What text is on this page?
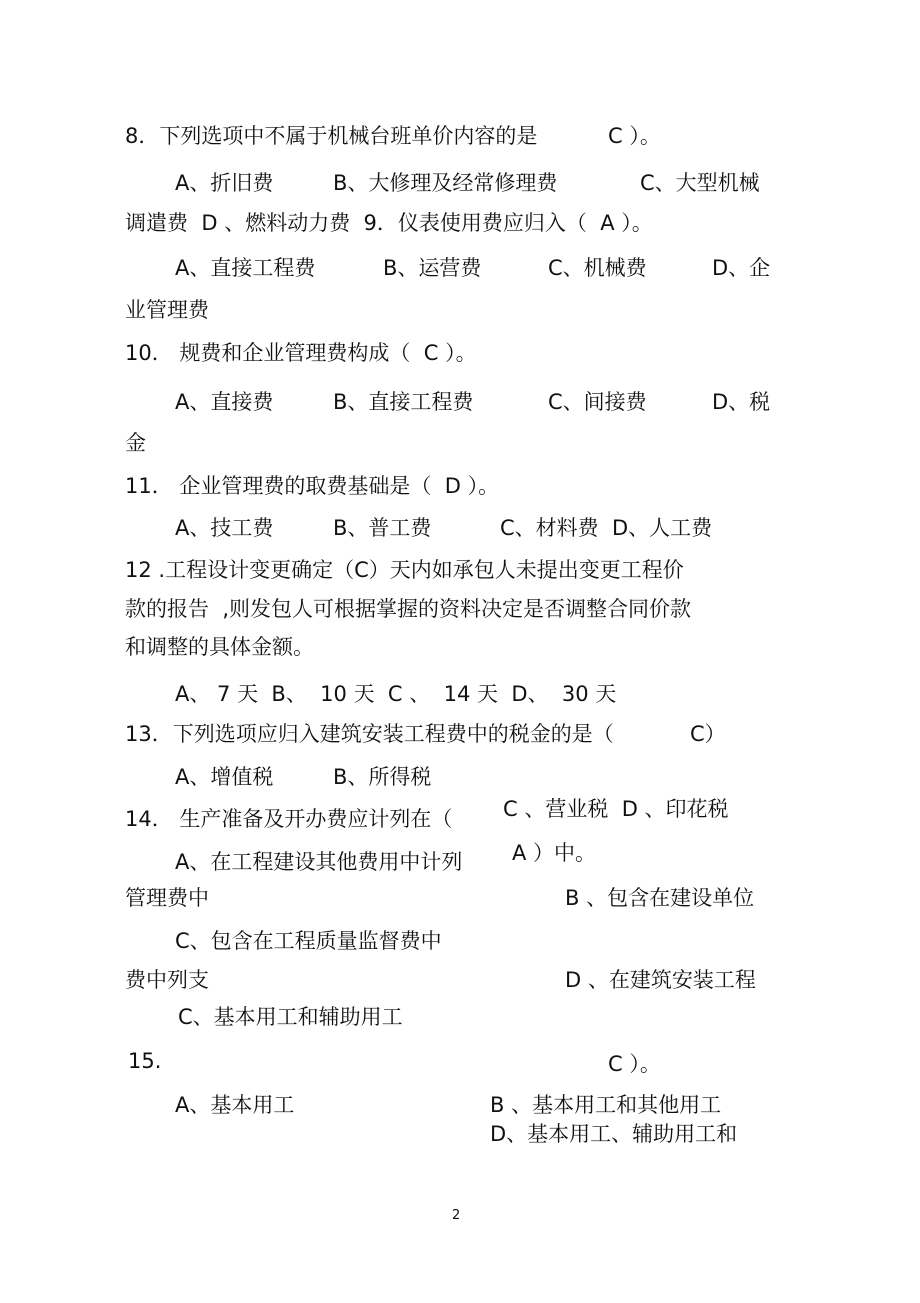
8．下列选项中不属于机械台班单价内容的是	C ）。
A、折旧费	B、大修理及经常修理费	C、大型机械
调遣费  D 、燃料动力费  9．仪表使用费应归入（  A ）。
A、直接工程费	B、运营费	C、机械费	D、企
业管理费
10． 规费和企业管理费构成（  C ）。
A、直接费	B、直接工程费	C、间接费	D、税
金
11． 企业管理费的取费基础是（  D ）。
A、技工费	B、普工费	C、材料费  D、人工费
12 .工程设计变更确定（C）天内如承包人未提出变更工程价
款的报告  ,则发包人可根据掌握的资料决定是否调整合同价款
和调整的具体金额。
A、 7 天  B、  10 天  C 、  14 天  D、  30 天
13．下列选项应归入建筑安装工程费中的税金的是（	C）
A、增值税	B、所得税
C 、营业税  D 、印花税
14． 生产准备及开办费应计列在（
A、在工程建设其他费用中计列 A ）中。
管理费中	B 、包含在建设单位
C、包含在工程质量监督费中
费中列支	D 、在建筑安装工程
C、基本用工和辅助用工
15.	C ）。
A、基本用工	B 、基本用工和其他用工
D、基本用工、辅助用工和
2
